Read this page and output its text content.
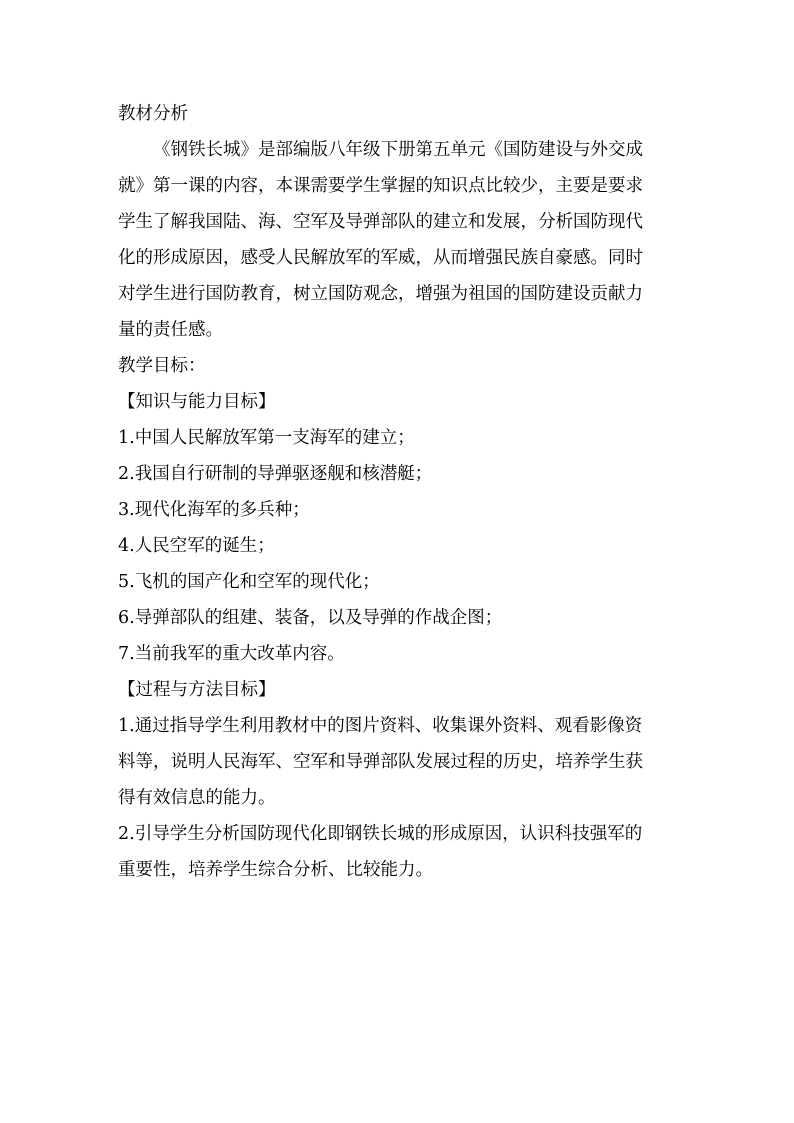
教材分析

《钢铁长城》是部编版八年级下册第五单元《国防建设与外交成

就》第一课的内容，本课需要学生掌握的知识点比较少，主要是要求

学生了解我国陆、海、空军及导弹部队的建立和发展，分析国防现代

化的形成原因，感受人民解放军的军威，从而增强民族自豪感。同时

对学生进行国防教育，树立国防观念，增强为祖国的国防建设贡献力

量的责任感。

教学目标：

【知识与能力目标】

1.中国人民解放军第一支海军的建立；

2.我国自行研制的导弹驱逐舰和核潜艇；

3.现代化海军的多兵种；

4.人民空军的诞生；

5.飞机的国产化和空军的现代化；

6.导弹部队的组建、装备，以及导弹的作战企图；

7.当前我军的重大改革内容。

【过程与方法目标】

1.通过指导学生利用教材中的图片资料、收集课外资料、观看影像资

料等，说明人民海军、空军和导弹部队发展过程的历史，培养学生获

得有效信息的能力。

2.引导学生分析国防现代化即钢铁长城的形成原因，认识科技强军的

重要性，培养学生综合分析、比较能力。
